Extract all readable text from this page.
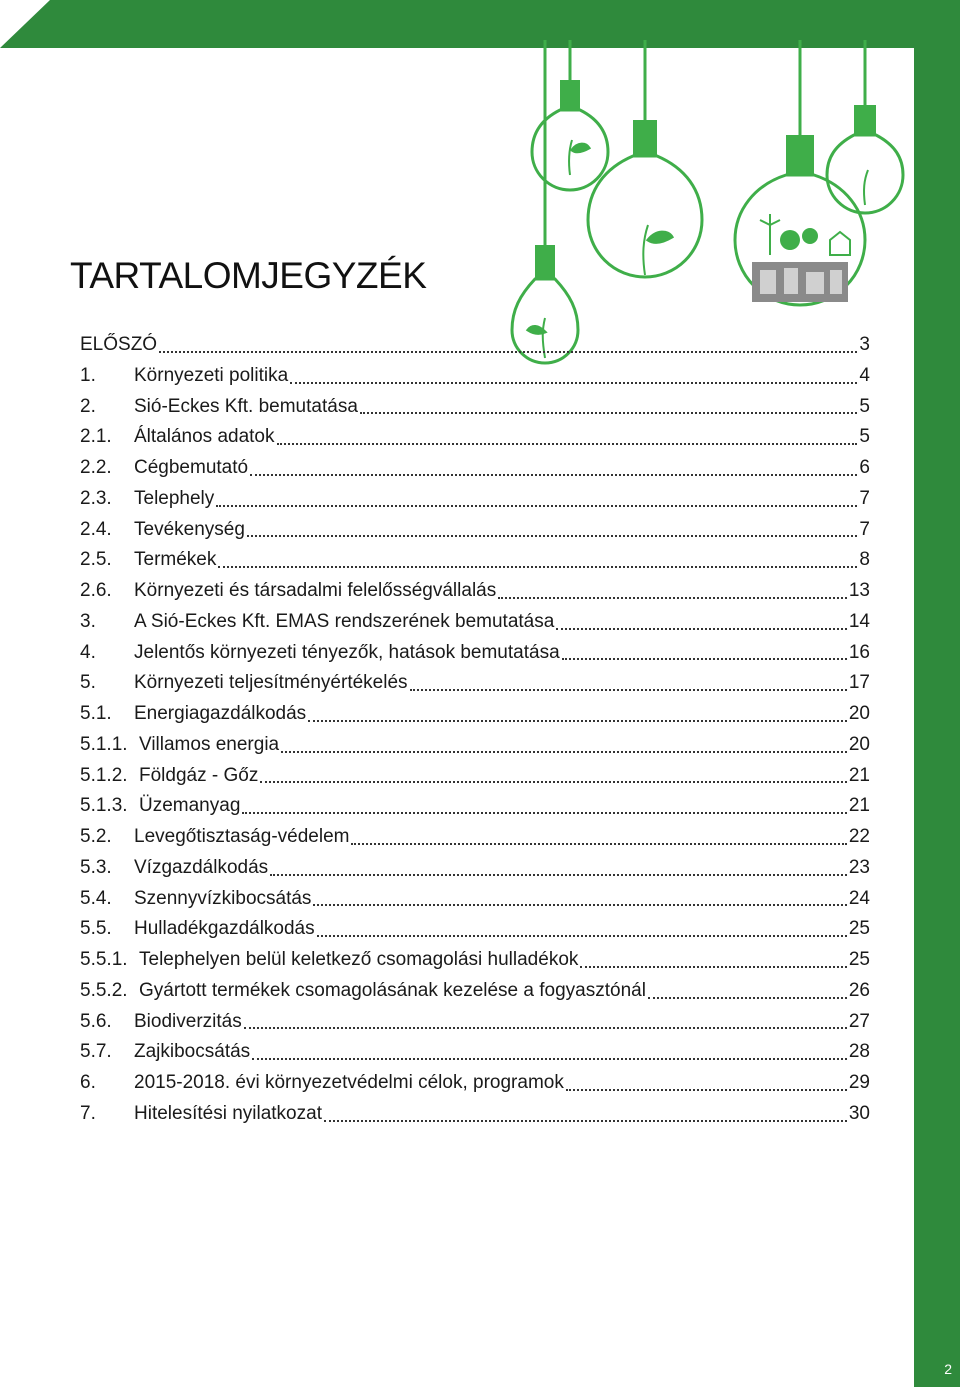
TARTALOMJEGYZÉK
ELŐSZÓ	3
1.	Környezeti politika	4
2.	Sió-Eckes Kft. bemutatása	5
2.1.	Általános adatok	5
2.2.	Cégbemutató	6
2.3.	Telephely	7
2.4.	Tevékenység	7
2.5.	Termékek	8
2.6.	Környezeti és társadalmi felelősségvállalás	13
3.	A Sió-Eckes Kft. EMAS rendszerének bemutatása	14
4.	Jelentős környezeti tényezők, hatások bemutatása	16
5.	Környezeti teljesítményértékelés	17
5.1.	Energiagazdálkodás	20
5.1.1. Villamos energia	20
5.1.2. Földgáz - Gőz	21
5.1.3. Üzemanyag	21
5.2.	Levegőtisztaság-védelem	22
5.3.	Vízgazdálkodás	23
5.4.	Szennyvízkibocsátás	24
5.5.	Hulladékgazdálkodás	25
5.5.1. Telephelyen belül keletkező csomagolási hulladékok	25
5.5.2. Gyártott termékek csomagolásának kezelése a fogyasztónál	26
5.6.	Biodiverzitás	27
5.7.	Zajkibocsátás	28
6.	2015-2018. évi környezetvédelmi célok, programok	29
7.	Hitelesítési nyilatkozat	30
2
